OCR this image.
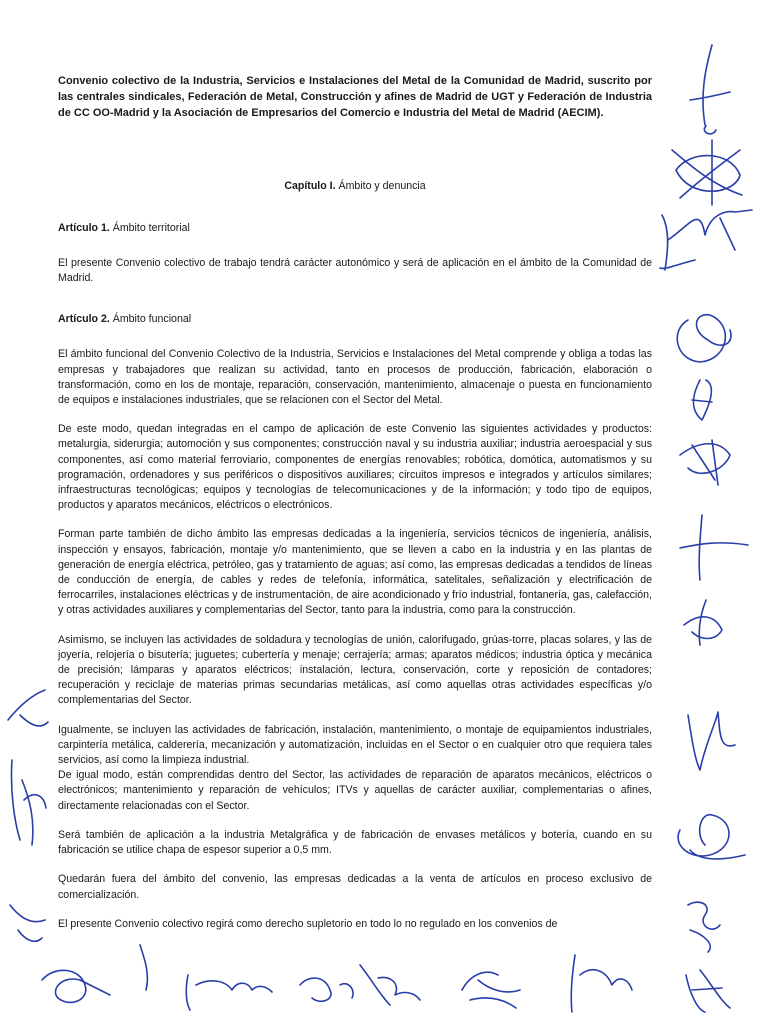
Convenio colectivo de la Industria, Servicios e Instalaciones del Metal de la Comunidad de Madrid, suscrito por las centrales sindicales, Federación de Metal, Construcción y afines de Madrid de UGT y Federación de Industria de CC OO-Madrid y la Asociación de Empresarios del Comercio e Industria del Metal de Madrid (AECIM).

Capítulo I. Ámbito y denuncia
Artículo 1. Ámbito territorial

El presente Convenio colectivo de trabajo tendrá carácter autonómico y será de aplicación en el ámbito de la Comunidad de Madrid.

Artículo 2. Ámbito funcional

El ámbito funcional del Convenio Colectivo de la Industria, Servicios e Instalaciones del Metal comprende y obliga a todas las empresas y trabajadores que realizan su actividad, tanto en procesos de producción, fabricación, elaboración o transformación, como en los de montaje, reparación, conservación, mantenimiento, almacenaje o puesta en funcionamiento de equipos e instalaciones industriales, que se relacionen con el Sector del Metal.

De este modo, quedan integradas en el campo de aplicación de este Convenio las siguientes actividades y productos: metalurgia, siderurgia; automoción y sus componentes; construcción naval y su industria auxiliar; industria aeroespacial y sus componentes, así como material ferroviario, componentes de energías renovables; robótica, domótica, automatismos y su programación, ordenadores y sus periféricos o dispositivos auxiliares; circuitos impresos e integrados y artículos similares; infraestructuras tecnológicas; equipos y tecnologías de telecomunicaciones y de la información; y todo tipo de equipos, productos y aparatos mecánicos, eléctricos o electrónicos.

Forman parte también de dicho ámbito las empresas dedicadas a la ingeniería, servicios técnicos de ingeniería, análisis, inspección y ensayos, fabricación, montaje y/o mantenimiento, que se lleven a cabo en la industria y en las plantas de generación de energía eléctrica, petróleo, gas y tratamiento de aguas; así como, las empresas dedicadas a tendidos de líneas de conducción de energía, de cables y redes de telefonía, informática, satelitales, señalización y electrificación de ferrocarriles, instalaciones eléctricas y de instrumentación, de aire acondicionado y frío industrial, fontanería, gas, calefacción, y otras actividades auxiliares y complementarias del Sector, tanto para la industria, como para la construcción.

Asimismo, se incluyen las actividades de soldadura y tecnologías de unión, calorifugado, grúas-torre, placas solares, y las de joyería, relojería o bisutería; juguetes; cubertería y menaje; cerrajería; armas; aparatos médicos; industria óptica y mecánica de precisión; lámparas y aparatos eléctricos; instalación, lectura, conservación, corte y reposición de contadores; recuperación y reciclaje de materias primas secundarias metálicas, así como aquellas otras actividades específicas y/o complementarias del Sector.

Igualmente, se incluyen las actividades de fabricación, instalación, mantenimiento, o montaje de equipamientos industriales, carpintería metálica, calderería, mecanización y automatización, incluidas en el Sector o en cualquier otro que requiera tales servicios, así como la limpieza industrial.

De igual modo, están comprendidas dentro del Sector, las actividades de reparación de aparatos mecánicos, eléctricos o electrónicos; mantenimiento y reparación de vehículos; ITVs y aquellas de carácter auxiliar, complementarias o afines, directamente relacionadas con el Sector.

Será también de aplicación a la industria Metalgráfica y de fabricación de envases metálicos y botería, cuando en su fabricación se utilice chapa de espesor superior a 0,5 mm.

Quedarán fuera del ámbito del convenio, las empresas dedicadas a la venta de artículos en proceso exclusivo de comercialización.

El presente Convenio colectivo regirá como derecho supletorio en todo lo no regulado en los convenios de
